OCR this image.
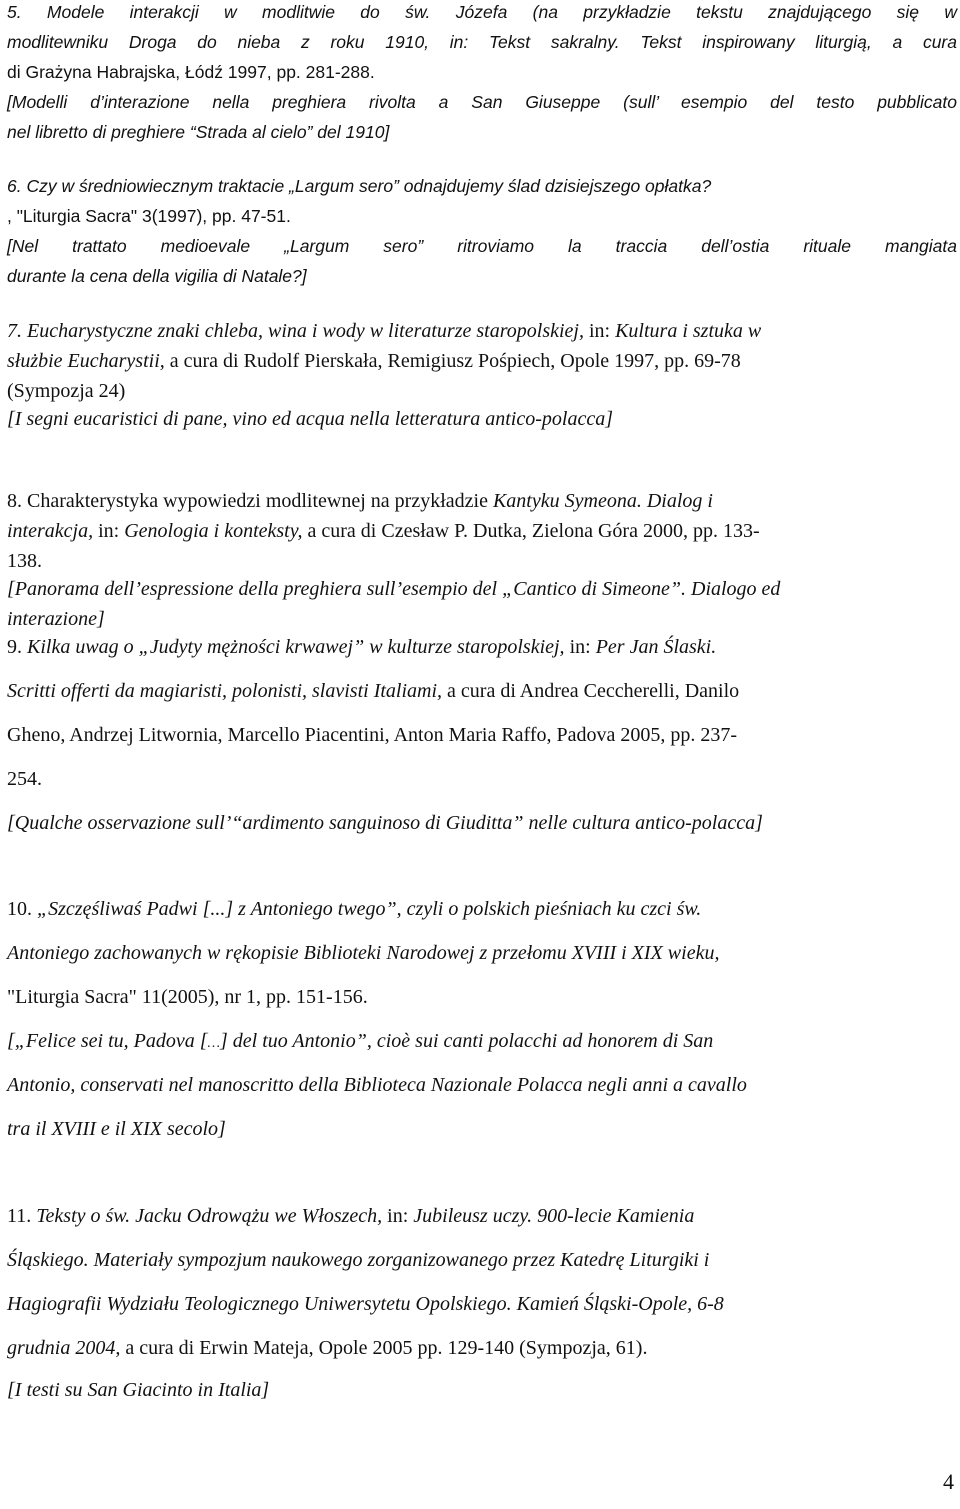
5. Modele interakcji w modlitwie do św. Józefa (na przykładzie tekstu znajdującego się w
modlitewniku Droga do nieba z roku 1910, in: Tekst sakralny. Tekst inspirowany liturgią, a cura
di Grażyna Habrajska, Łódź 1997, pp. 281-288.
[Modelli d’interazione nella preghiera rivolta a San Giuseppe (sull’ esempio del testo pubblicato
nel libretto di preghiere “Strada al cielo” del 1910]
6. Czy w średniowiecznym traktacie „Largum sero” odnajdujemy ślad dzisiejszego opłatka?
, "Liturgia Sacra" 3(1997), pp. 47-51.
[Nel trattato medioevale „Largum sero” ritroviamo la traccia dell’ostia rituale mangiata
durante la cena della vigilia di Natale?]
7. Eucharystyczne znaki chleba, wina i wody w literaturze staropolskiej, in: Kultura i sztuka w
służbie Eucharystii, a cura di Rudolf Pierskała, Remigiusz Pośpiech, Opole 1997, pp. 69-78
(Sympozja 24)
[I segni eucaristici di pane, vino ed acqua nella letteratura antico-polacca]
8. Charakterystyka wypowiedzi modlitewnej na przykładzie Kantyku Symeona. Dialog i
interakcja, in: Genologia i konteksty, a cura di Czesław P. Dutka, Zielona Góra 2000, pp. 133-
138.
[Panorama dell’espressione della preghiera sull’esempio del „Cantico di Simeone”. Dialogo ed
interazione]
9. Kilka uwag o „Judyty mężności krwawej” w kulturze staropolskiej, in: Per Jan Ślaski.
Scritti offerti da magiaristi, polonisti, slavisti Italiami, a cura di Andrea Ceccherelli, Danilo
Gheno, Andrzej Litwornia, Marcello Piacentini, Anton Maria Raffo, Padova 2005, pp. 237-
254.
[Qualche osservazione sull’“ardimento sanguinoso di Giuditta” nelle cultura antico-polacca]
10. „Szczęśliwaś Padwi [...] z Antoniego twego”, czyli o polskich pieśniach ku czci św.
Antoniego zachowanych w rękopisie Biblioteki Narodowej z przełomu XVIII i XIX wieku,
"Liturgia Sacra" 11(2005), nr 1, pp. 151-156.
[„Felice sei tu, Padova […] del tuo Antonio”, cioè sui canti polacchi ad honorem di San
Antonio, conservati nel manoscritto della Biblioteca Nazionale Polacca negli anni a cavallo
tra il XVIII e il XIX secolo]
11. Teksty o św. Jacku Odrowążu we Włoszech, in: Jubileusz uczy. 900-lecie Kamienia
Śląskiego. Materiały sympozjum naukowego zorganizowanego przez Katedrę Liturgiki i
Hagiografii Wydziału Teologicznego Uniwersytetu Opolskiego. Kamień Śląski-Opole, 6-8
grudnia 2004, a cura di Erwin Mateja, Opole 2005 pp. 129-140 (Sympozja, 61).
[I testi su San Giacinto in Italia]
4
